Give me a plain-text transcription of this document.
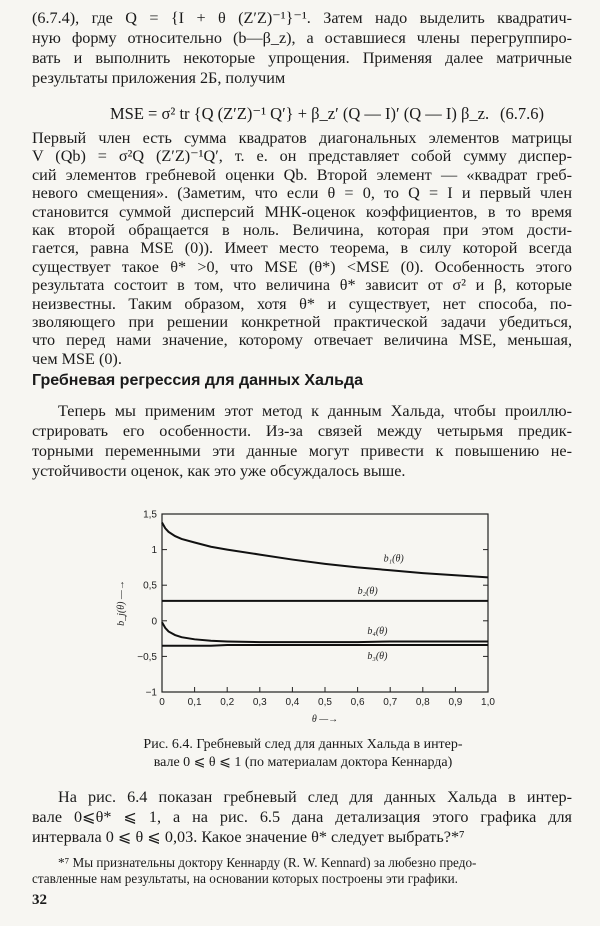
(6.7.4), где Q = {I + θ (Z′Z)⁻¹}⁻¹. Затем надо выделить квадратич-
ную форму относительно (b—β_z), а оставшиеся члены перегруппиро-
вать и выполнить некоторые упрощения. Применяя далее матричные
результаты приложения 2Б, получим
MSE = σ² tr {Q (Z′Z)⁻¹ Q′} + β_z′ (Q — I)′ (Q — I) β_z. (6.7.6)
Первый член есть сумма квадратов диагональных элементов матрицы
V (Qb) = σ²Q (Z′Z)⁻¹Q′, т. е. он представляет собой сумму диспер-
сий элементов гребневой оценки Qb. Второй элемент — «квадрат греб-
невого смещения». (Заметим, что если θ = 0, то Q = I и первый член
становится суммой дисперсий МНК-оценок коэффициентов, в то время
как второй обращается в ноль. Величина, которая при этом дости-
гается, равна MSE (0)). Имеет место теорема, в силу которой всегда
существует такое θ* >0, что MSE (θ*) <MSE (0). Особенность этого
результата состоит в том, что величина θ* зависит от σ² и β, которые
неизвестны. Таким образом, хотя θ* и существует, нет способа, по-
зволяющего при решении конкретной практической задачи убедиться,
что перед нами значение, которому отвечает величина MSE, меньшая,
Гребневая регрессия для данных Хальда
Теперь мы применим этот метод к данным Хальда, чтобы проиллю-
стрировать его особенности. Из-за связей между четырьмя предик-
торными переменными эти данные могут привести к повышению не-
устойчивости оценок, как это уже обсуждалось выше.
0 0,1 0,2 0,3 0,4 0,5 0,6 0,7 0,8 0,9 1,0
1,5
1
0,5
0
−0,5
−1
θ —→
b_j(θ) —→
b₁(θ)
b₂(θ)
b₄(θ)
b₃(θ)
Рис. 6.4. Гребневый след для данных Хальда в интер-
вале 0 ⩽ θ ⩽ 1 (по материалам доктора Кеннарда)
На рис. 6.4 показан гребневый след для данных Хальда в интер-
вале 0⩽θ* ⩽ 1, а на рис. 6.5 дана детализация этого графика для
интервала 0 ⩽ θ ⩽ 0,03. Какое значение θ* следует выбрать?*⁷
*⁷ Мы признательны доктору Кеннарду (R. W. Kennard) за любезно предо-
ставленные нам результаты, на основании которых построены эти графики.
32
чем MSE (0).
